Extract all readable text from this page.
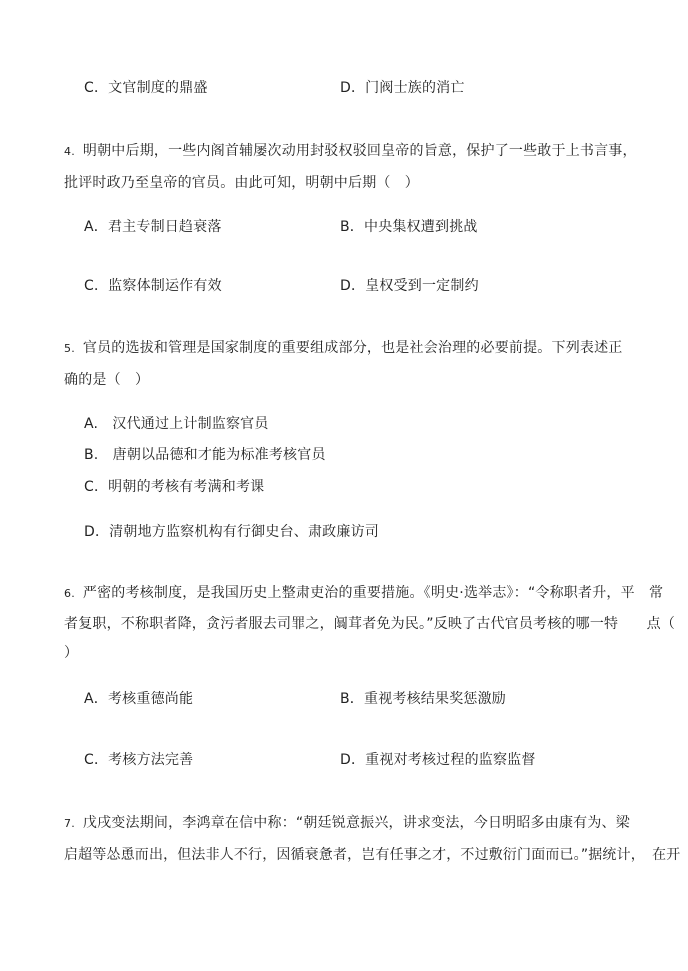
C．文官制度的鼎盛	D．门阀士族的消亡
4. 明朝中后期，一些内阁首辅屡次动用封驳权驳回皇帝的旨意，保护了一些敢于上书言事，
批评时政乃至皇帝的官员。由此可知，明朝中后期（　）
A．君主专制日趋衰落	B．中央集权遭到挑战
C．监察体制运作有效	D．皇权受到一定制约
5. 官员的选拔和管理是国家制度的重要组成部分，也是社会治理的必要前提。下列表述正
确的是（　）
A.　汉代通过上计制监察官员
B.　唐朝以品德和才能为标准考核官员
C．明朝的考核有考满和考课
D．清朝地方监察机构有行御史台、肃政廉访司
6. 严密的考核制度，是我国历史上整肃吏治的重要措施。《明史·选举志》：“令称职者升，平　常
者复职，不称职者降，贪污者服去司罪之，阘茸者免为民。”反映了古代官员考核的哪一特　　点（
）
A．考核重德尚能	B．重视考核结果奖惩激励
C．考核方法完善	D．重视对考核过程的监察监督
7. 戊戌变法期间，李鸿章在信中称：“朝廷锐意振兴，讲求变法，今日明昭多由康有为、梁
启超等怂恿而出，但法非人不行，因循衰惫者，岂有任事之才，不过敷衍门面而已。”据统计，　在开
